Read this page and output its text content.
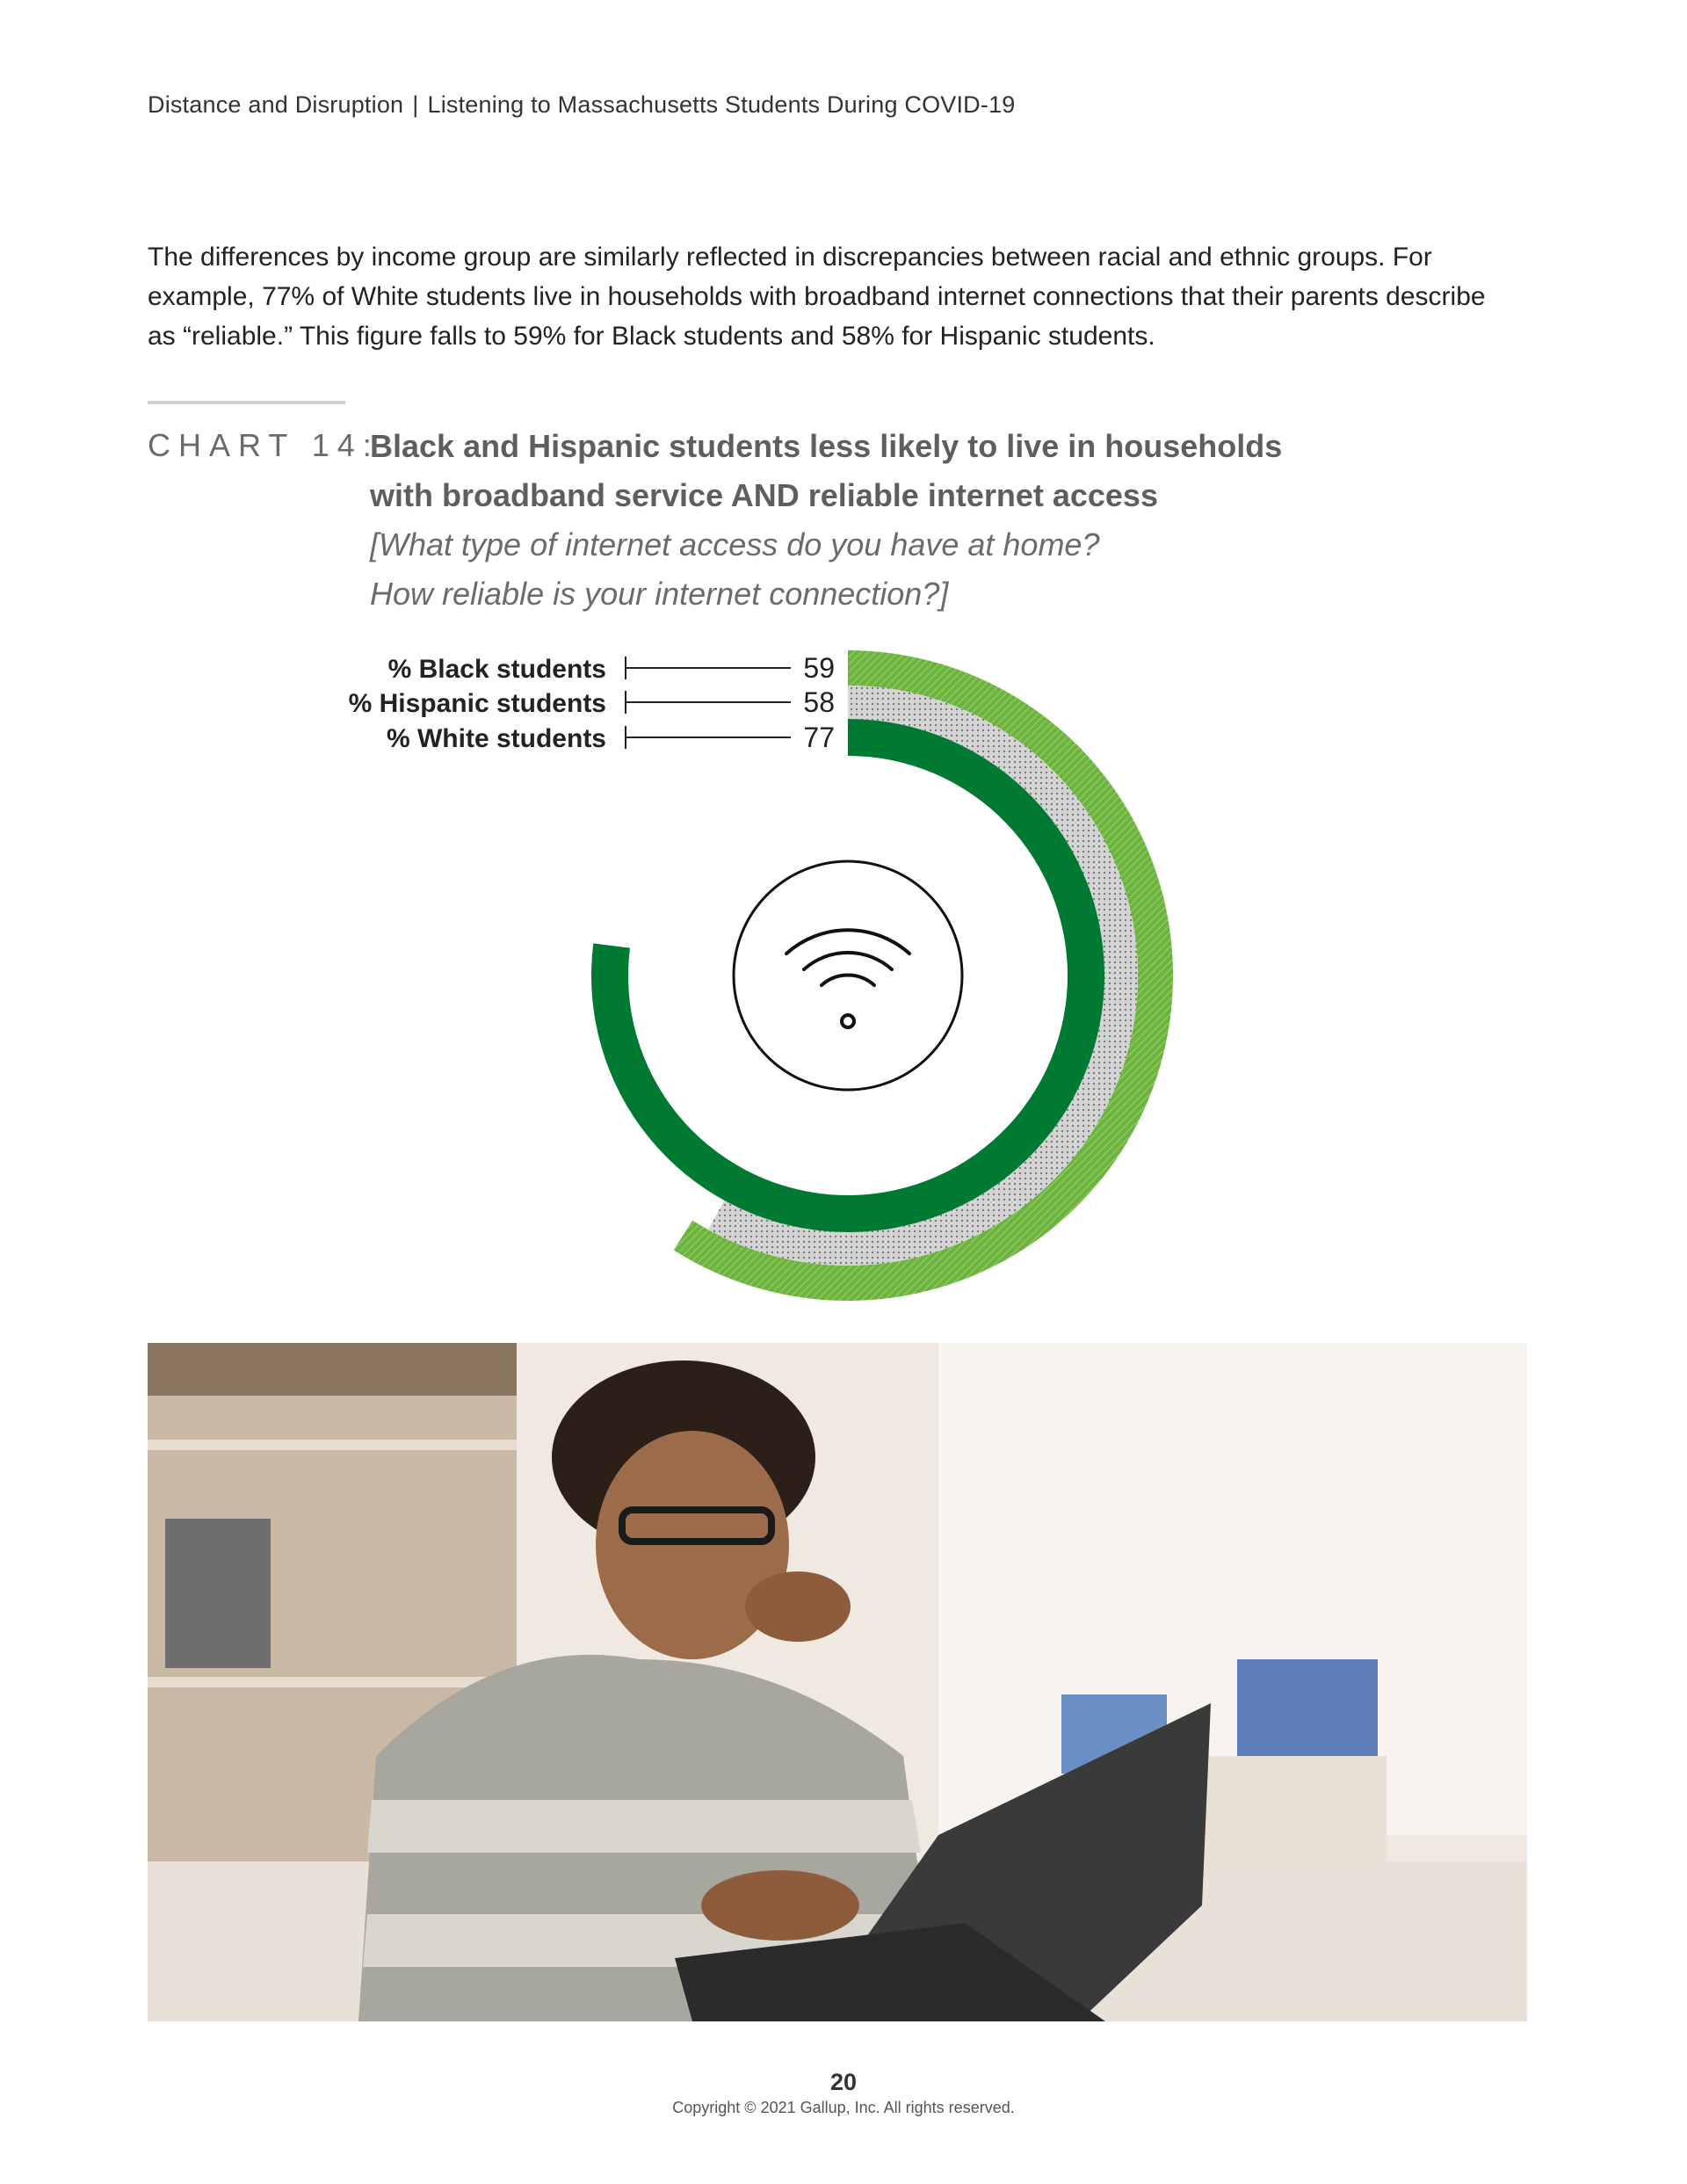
Distance and Disruption | Listening to Massachusetts Students During COVID-19

The differences by income group are similarly reflected in discrepancies between racial and ethnic groups. For example, 77% of White students live in households with broadband internet connections that their parents describe as “reliable.” This figure falls to 59% for Black students and 58% for Hispanic students.

CHART 14:

Black and Hispanic students less likely to live in households

with broadband service AND reliable internet access

[What type of internet access do you have at home?

How reliable is your internet connection?]

% Black students	59
% Hispanic students	58
% White students	77
20
Copyright © 2021 Gallup, Inc. All rights reserved.
